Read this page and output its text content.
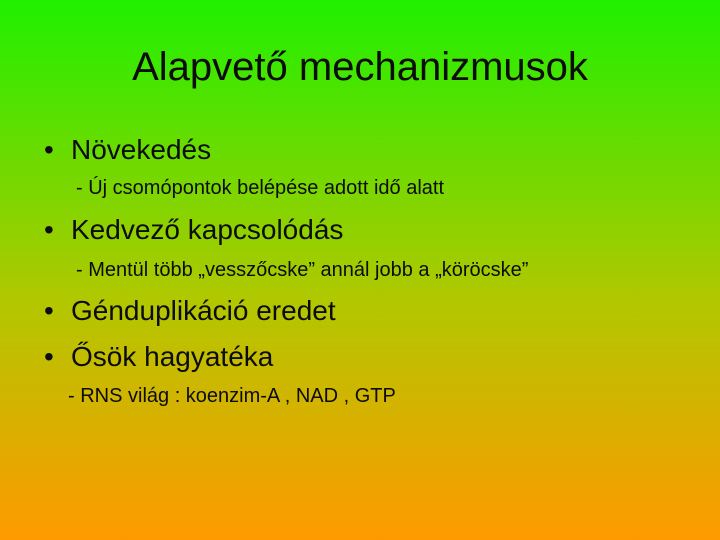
Alapvető mechanizmusok
• Növekedés
- Új csomópontok belépése adott idő alatt
• Kedvező kapcsolódás
- Mentül több „vesszőcske” annál jobb a „köröcske”
• Génduplikáció eredet
• Ősök hagyatéka
- RNS világ : koenzim-A , NAD , GTP
